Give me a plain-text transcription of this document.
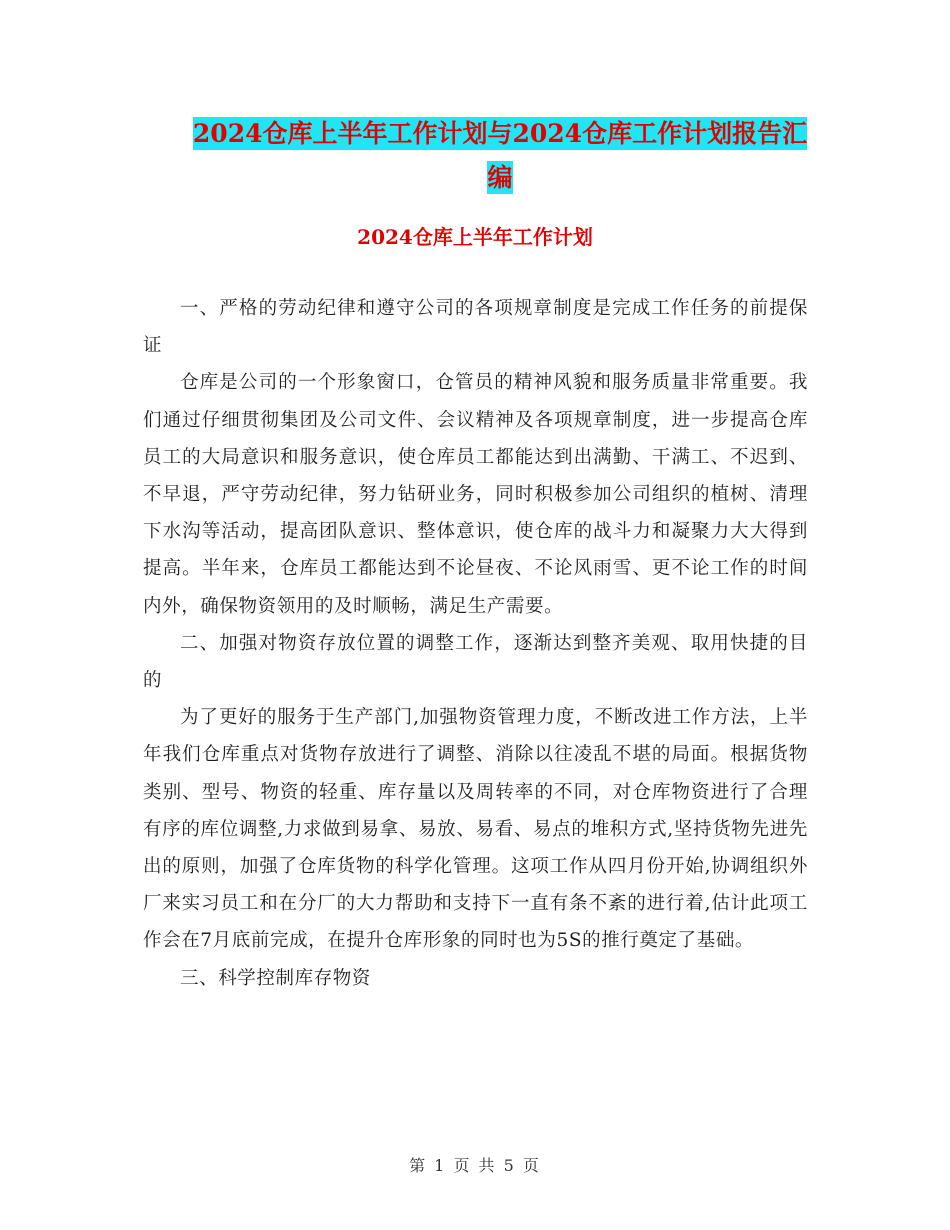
2024仓库上半年工作计划与2024仓库工作计划报告汇编
2024仓库上半年工作计划

一、严格的劳动纪律和遵守公司的各项规章制度是完成工作任务的前提保证

仓库是公司的一个形象窗口，仓管员的精神风貌和服务质量非常重要。我们通过仔细贯彻集团及公司文件、会议精神及各项规章制度，进一步提高仓库员工的大局意识和服务意识，使仓库员工都能达到出满勤、干满工、不迟到、不早退，严守劳动纪律，努力钻研业务，同时积极参加公司组织的植树、清理下水沟等活动，提高团队意识、整体意识，使仓库的战斗力和凝聚力大大得到提高。半年来，仓库员工都能达到不论昼夜、不论风雨雪、更不论工作的时间内外，确保物资领用的及时顺畅，满足生产需要。

二、加强对物资存放位置的调整工作，逐渐达到整齐美观、取用快捷的目的

为了更好的服务于生产部门,加强物资管理力度，不断改进工作方法，上半年我们仓库重点对货物存放进行了调整、消除以往凌乱不堪的局面。根据货物类别、型号、物资的轻重、库存量以及周转率的不同，对仓库物资进行了合理有序的库位调整,力求做到易拿、易放、易看、易点的堆积方式,坚持货物先进先出的原则，加强了仓库货物的科学化管理。这项工作从四月份开始,协调组织外厂来实习员工和在分厂的大力帮助和支持下一直有条不紊的进行着,估计此项工作会在7月底前完成，在提升仓库形象的同时也为5S的推行奠定了基础。

三、科学控制库存物资

第 1 页 共 5 页
